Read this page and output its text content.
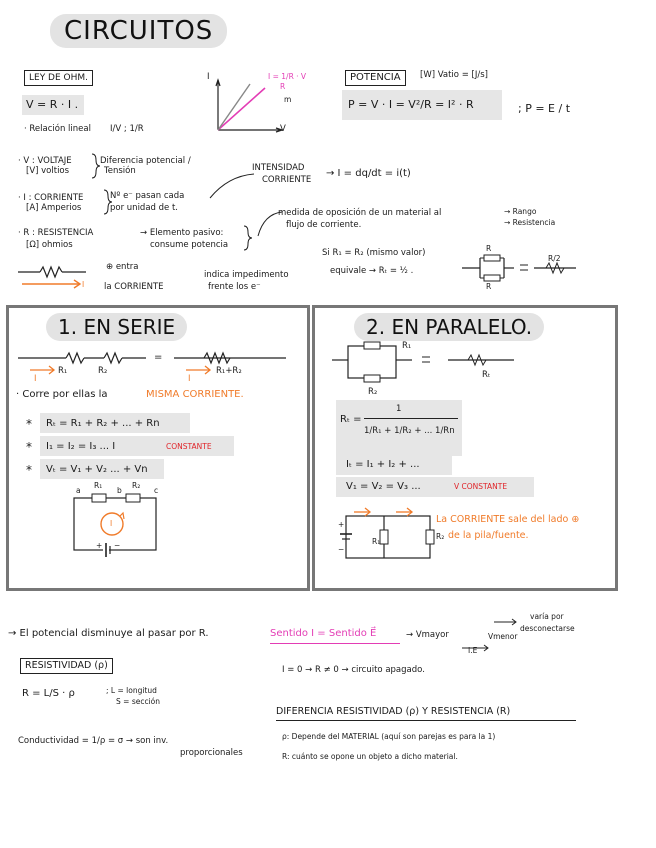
CIRCUITOS
LEY DE OHM.
V = R · I .
· Relación lineal I/V ; 1/R
I
V
I = 1/R · V
R
m
· V : VOLTAJE
[V] voltios
Diferencia potencial /
Tensión
· I : CORRIENTE
[A] Amperios
Nº e⁻ pasan cada
por unidad de t.
· R : RESISTENCIA
[Ω] ohmios
→ Elemento pasivo:
consume potencia
INTENSIDAD
CORRIENTE
→ I = dq/dt = i(t)
medida de oposición de un material al
flujo de corriente.
→ Rango
→ Resistencia
I
⊕ entra
la CORRIENTE
indica impedimento
frente los e⁻
Si R₁ = R₂ (mismo valor)
equivale → Rₜ = ½ .
R
R
R/2
POTENCIA	[W] Vatio = [J/s]
P = V · I = V²/R = I² · R	; P = E / t
1. EN SERIE
R₁	R₂	R₁+R₂
I	I
=
· Corre por ellas la	MISMA CORRIENTE.
* Rₜ = R₁ + R₂ + ... + Rn
* I₁ = I₂ = I₃ ... I	CONSTANTE
* Vₜ = V₁ + V₂ ... + Vn
a
R₁
b
R₂
c
I
+ −
2. EN PARALELO.
R₁
R₂
Rₜ
Rₜ =
1
1/R₁ + 1/R₂ + ... 1/Rn
Iₜ = I₁ + I₂ + ...
V₁ = V₂ = V₃ ...	V CONSTANTE
R₁
R₂
+
−
La CORRIENTE sale del lado ⊕
de la pila/fuente.
→ El potencial disminuye al pasar por R.	Sentido I = Sentido E⃗	→ Vmayor	Vmenor
I.E
varía por
desconectarse
I = 0 → R ≠ 0 → circuito apagado.
RESISTIVIDAD (ρ)
R = L/S · ρ	; L = longitud
S = sección
Conductividad = 1/ρ = σ → son inv.
proporcionales
DIFERENCIA RESISTIVIDAD (ρ) Y RESISTENCIA (R)
ρ: Depende del MATERIAL (aquí son parejas es para la 1)
R: cuánto se opone un objeto a dicho material.
